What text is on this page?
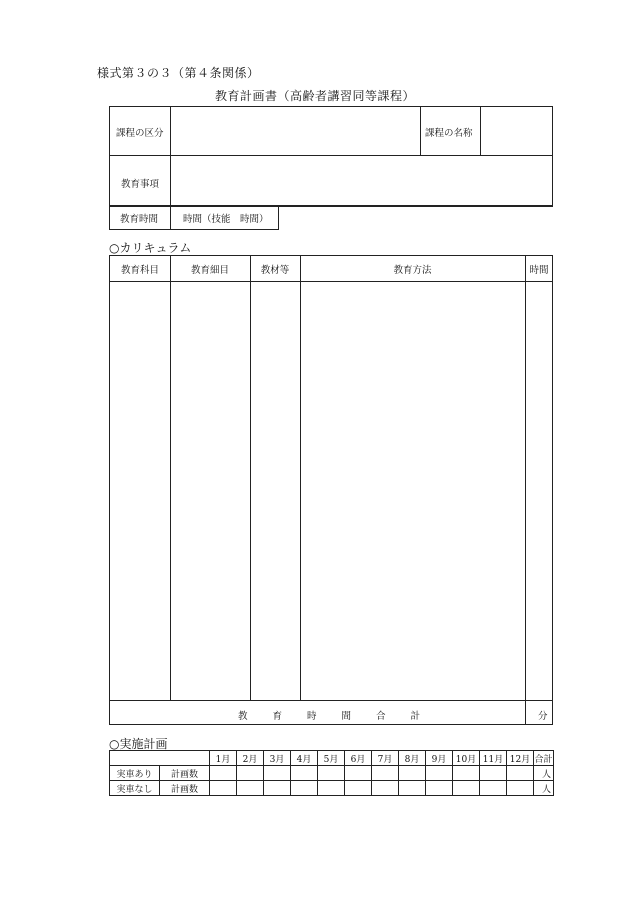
様式第３の３（第４条関係）
教育計画書（高齢者講習同等課程）
課程の区分	課程の名称
教育事項
教育時間	時間（技能　時間）
○カリキュラム
教育科目	教育細目	教材等	教育方法	時間
教育時間合計	分
○実施計画
		1月	2月	3月	4月	5月	6月	7月	8月	9月	10月	11月	12月	合計
実車あり	計画数													人
実車なし	計画数													人
